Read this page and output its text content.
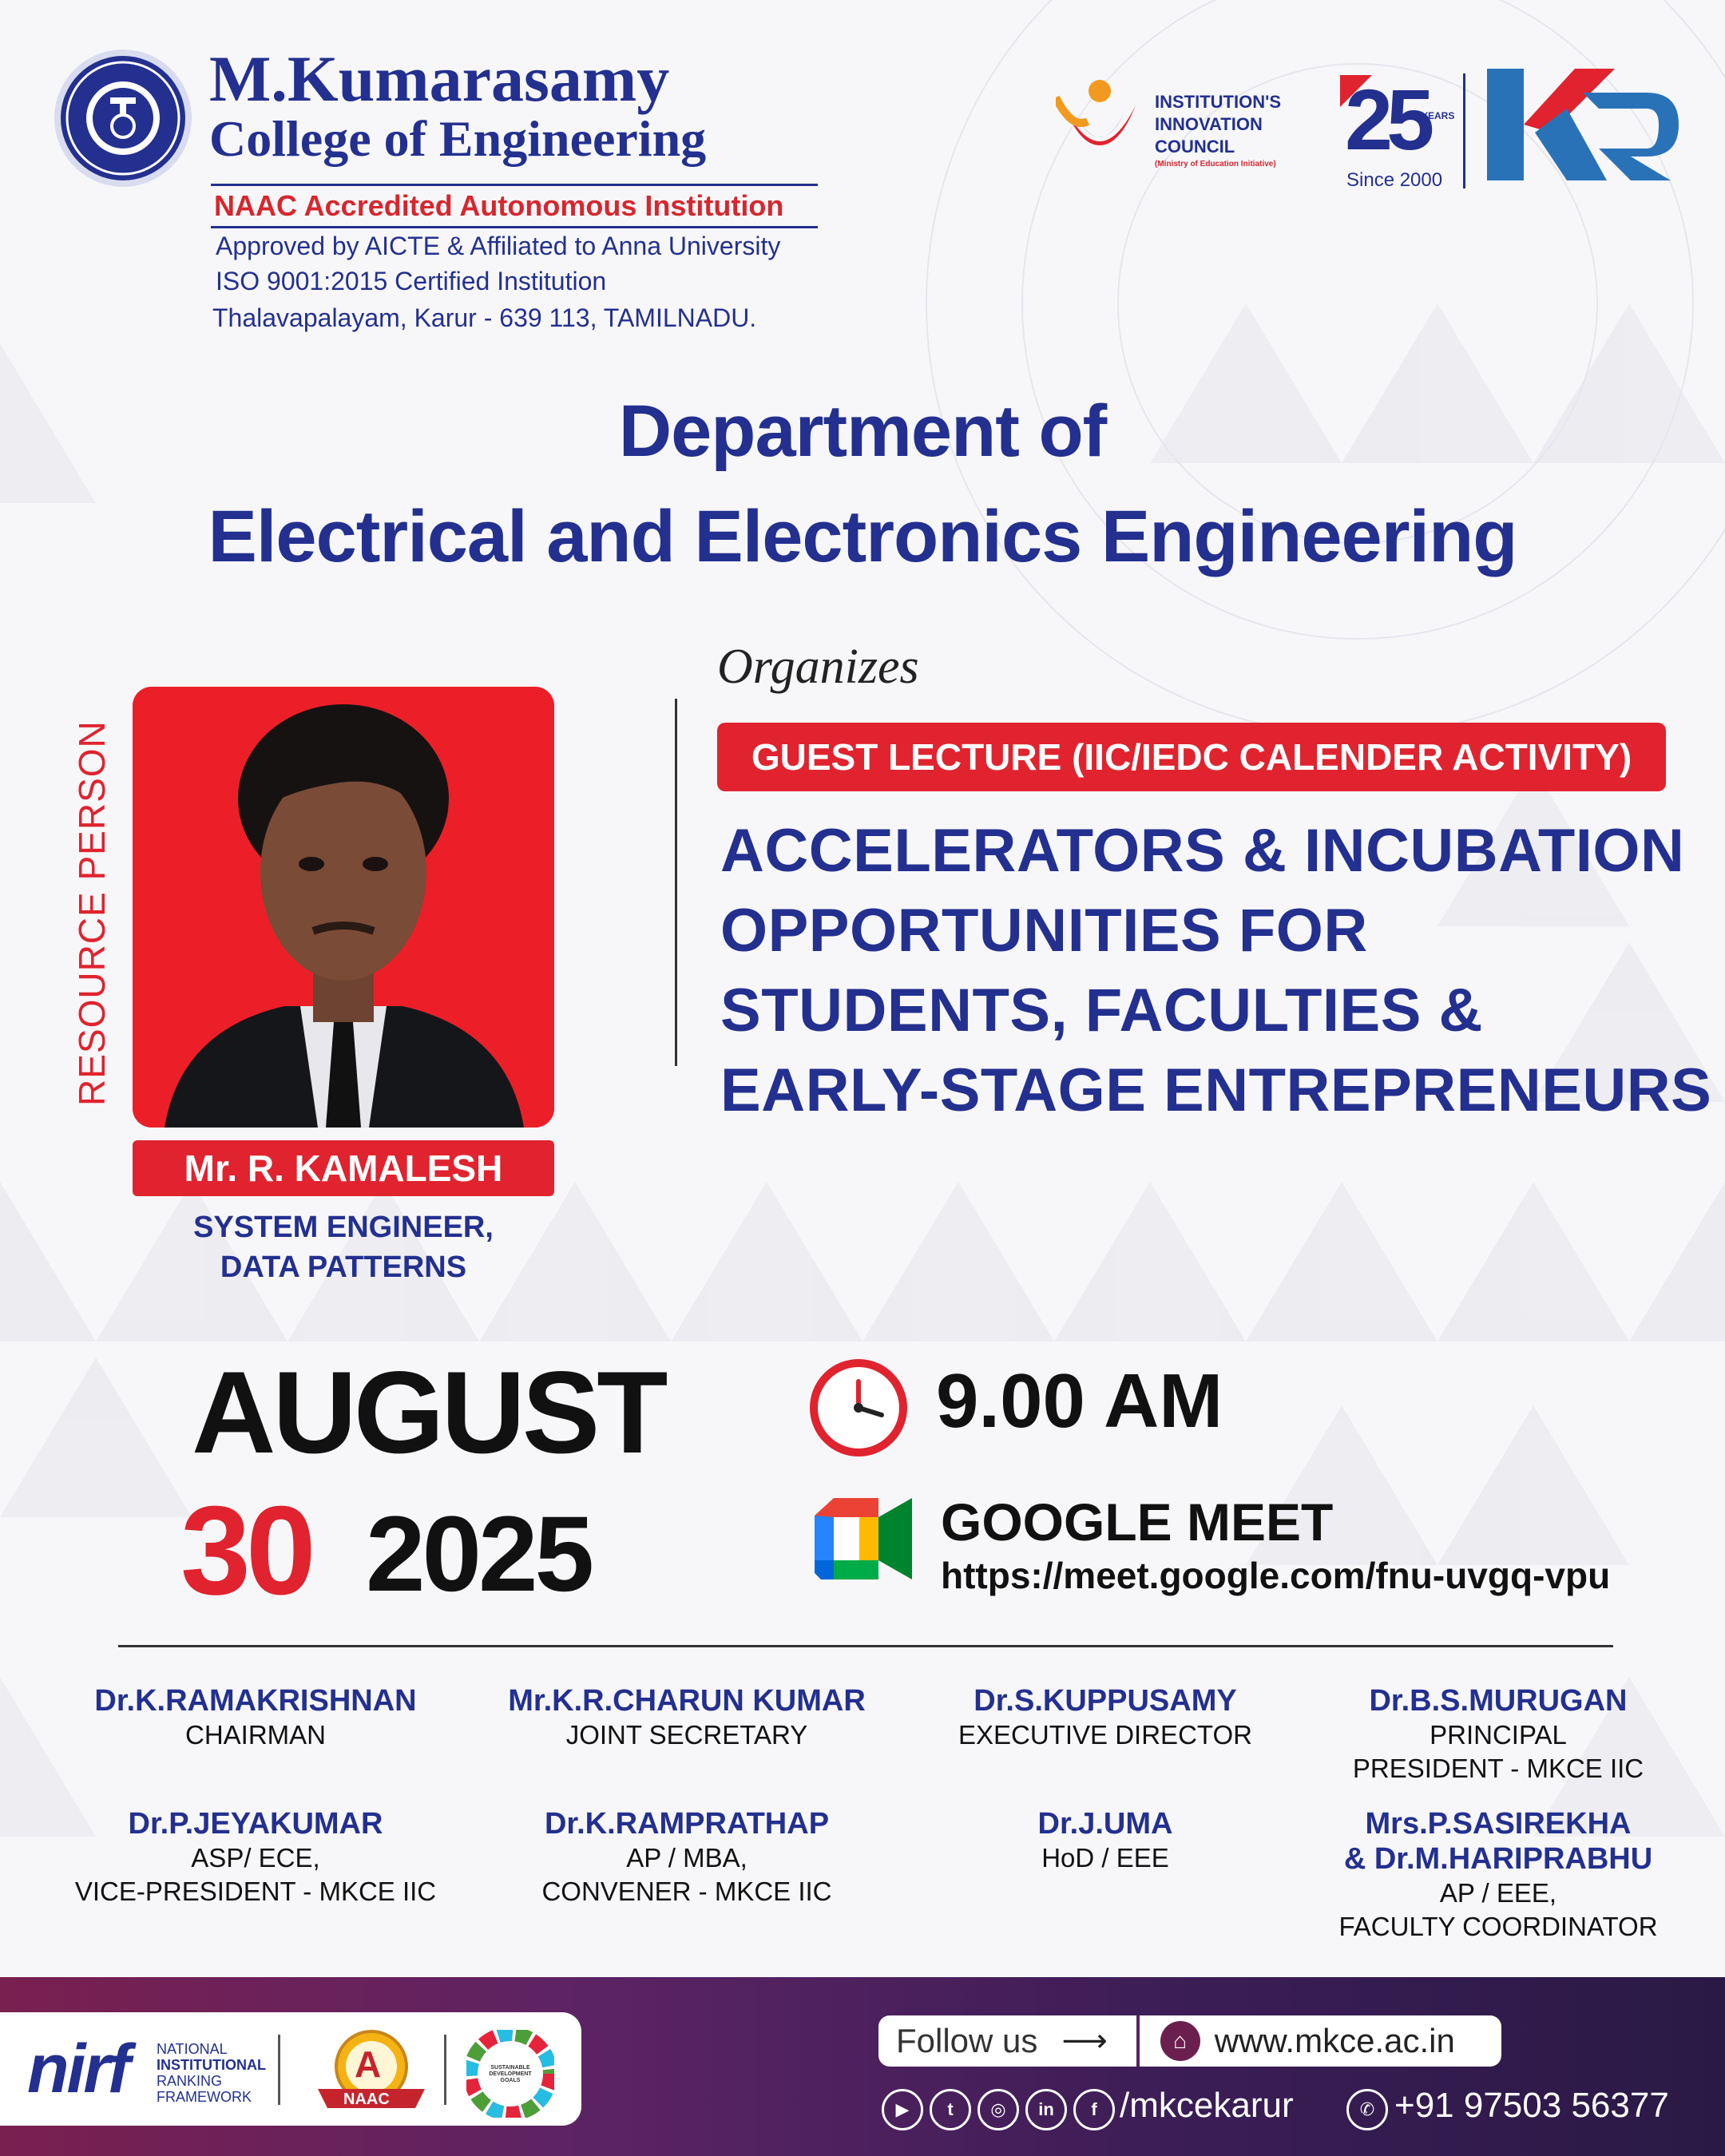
M.Kumarasamy
College of Engineering
NAAC Accredited Autonomous Institution
Approved by AICTE & Affiliated to Anna University
ISO 9001:2015 Certified Institution
Thalavapalayam, Karur - 639 113, TAMILNADU.
INSTITUTION'S
INNOVATION
COUNCIL
(Ministry of Education Initiative) 25
YEARS
Since 2000
Department of
Electrical and Electronics Engineering
Organizes
GUEST LECTURE (IIC/IEDC CALENDER ACTIVITY)
ACCELERATORS & INCUBATION
OPPORTUNITIES FOR
STUDENTS, FACULTIES &
EARLY-STAGE ENTREPRENEURS
RESOURCE PERSON
Mr. R. KAMALESH
SYSTEM ENGINEER,
DATA PATTERNS
AUGUST
30 2025
9.00 AM
GOOGLE MEET
https://meet.google.com/fnu-uvgq-vpu
Dr.K.RAMAKRISHNAN
CHAIRMAN
Mr.K.R.CHARUN KUMAR
JOINT SECRETARY
Dr.S.KUPPUSAMY
EXECUTIVE DIRECTOR
Dr.B.S.MURUGAN
PRINCIPAL
PRESIDENT - MKCE IIC
Dr.P.JEYAKUMAR
ASP/ ECE,
VICE-PRESIDENT - MKCE IIC
Dr.K.RAMPRATHAP
AP / MBA,
CONVENER - MKCE IIC
Dr.J.UMA
HoD / EEE
Mrs.P.SASIREKHA
& Dr.M.HARIPRABHU
AP / EEE,
FACULTY COORDINATOR
nirf NATIONAL
INSTITUTIONAL
RANKING
FRAMEWORK
A
NAAC
SUSTAINABLE DEVELOPMENT GOALS
Follow us ⟶	⌂ www.mkce.ac.in
▶	t	◎	in	f /mkcekarur	✆ +91 97503 56377
